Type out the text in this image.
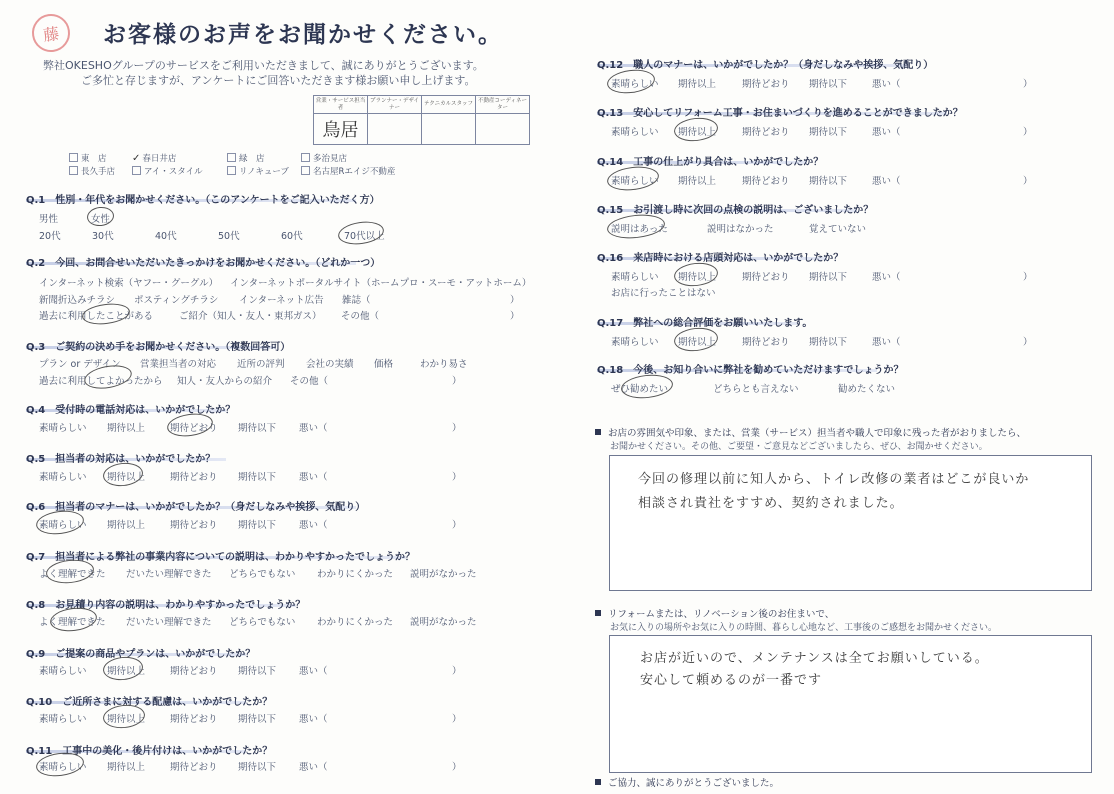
藤	お客様のお声をお聞かせください。
弊社OKESHOグループのサービスをご利用いただきまして、誠にありがとうございます。
ご多忙と存じますが、アンケートにご回答いただきます様お願い申し上げます。
営業・サービス担当者	プランナー・デザイナー	テクニカルスタッフ	不動産コーディネーター
鳥居			
東　店	✓ 春日井店	緑　店	多治見店
長久手店	アイ・スタイル	リノキューブ	名古屋Rエイジ不動産
Q.1　性別・年代をお聞かせください。（このアンケートをご記入いただく方）
男性	女性
20代	30代	40代	50代	60代	70代以上
Q.2　今回、お問合せいただいたきっかけをお聞かせください。（どれか一つ）
インターネット検索（ヤフー・グーグル） インターネットポータルサイト（ホームプロ・スーモ・アットホーム）
新聞折込みチラシ ポスティングチラシ インターネット広告 雑誌（	）
過去に利用したことがある	ご紹介（知人・友人・東邦ガス） その他（	）
Q.3　ご契約の決め手をお聞かせください。（複数回答可）
プラン or デザイン 営業担当者の対応 近所の評判 会社の実績 価格	わかり易さ
過去に利用してよかったから 知人・友人からの紹介 その他（	）
Q.4　受付時の電話対応は、いかがでしたか？
素晴らしい 期待以上	期待どおり 期待以下 悪い（	）
Q.5　担当者の対応は、いかがでしたか？
素晴らしい 期待以上	期待どおり 期待以下 悪い（	）
Q.6　担当者のマナーは、いかがでしたか？（身だしなみや挨拶、気配り）
素晴らしい 期待以上	期待どおり 期待以下 悪い（	）
Q.7　担当者による弊社の事業内容についての説明は、わかりやすかったでしょうか？
よく理解できた だいたい理解できた どちらでもない わかりにくかった 説明がなかった
Q.8　お見積り内容の説明は、わかりやすかったでしょうか？
よく理解できた だいたい理解できた どちらでもない わかりにくかった 説明がなかった
Q.9　ご提案の商品やプランは、いかがでしたか？
素晴らしい 期待以上	期待どおり 期待以下 悪い（	）
Q.10　ご近所さまに対する配慮は、いかがでしたか？
素晴らしい 期待以上	期待どおり 期待以下 悪い（	）
Q.11　工事中の美化・後片付けは、いかがでしたか？
素晴らしい 期待以上	期待どおり 期待以下 悪い（	）
Q.12　職人のマナーは、いかがでしたか？（身だしなみや挨拶、気配り）
素晴らしい 期待以上	期待どおり 期待以下	悪い（	）
Q.13　安心してリフォーム工事・お住まいづくりを進めることができましたか？
素晴らしい 期待以上	期待どおり 期待以下	悪い（	）
Q.14　工事の仕上がり具合は、いかがでしたか？
素晴らしい 期待以上	期待どおり 期待以下	悪い（	）
Q.15　お引渡し時に次回の点検の説明は、ございましたか？
説明はあった	説明はなかった	覚えていない
Q.16　来店時における店頭対応は、いかがでしたか？
素晴らしい 期待以上	期待どおり 期待以下	悪い（	）
お店に行ったことはない
Q.17　弊社への総合評価をお願いいたします。
素晴らしい 期待以上	期待どおり 期待以下	悪い（	）
Q.18　今後、お知り合いに弊社を勧めていただけますでしょうか？
ぜひ勧めたい	どちらとも言えない	勧めたくない
お店の雰囲気や印象、または、営業（サービス）担当者や職人で印象に残った者がおりましたら、
お聞かせください。その他、ご要望・ご意見などございましたら、ぜひ、お聞かせください。
今回の修理以前に知人から、トイレ改修の業者はどこが良いか
相談され貴社をすすめ、契約されました。
リフォームまたは、リノベーション後のお住まいで、
お気に入りの場所やお気に入りの時間、暮らし心地など、工事後のご感想をお聞かせください。
お店が近いので、メンテナンスは全てお願いしている。
安心して頼めるのが一番です
ご協力、誠にありがとうございました。
